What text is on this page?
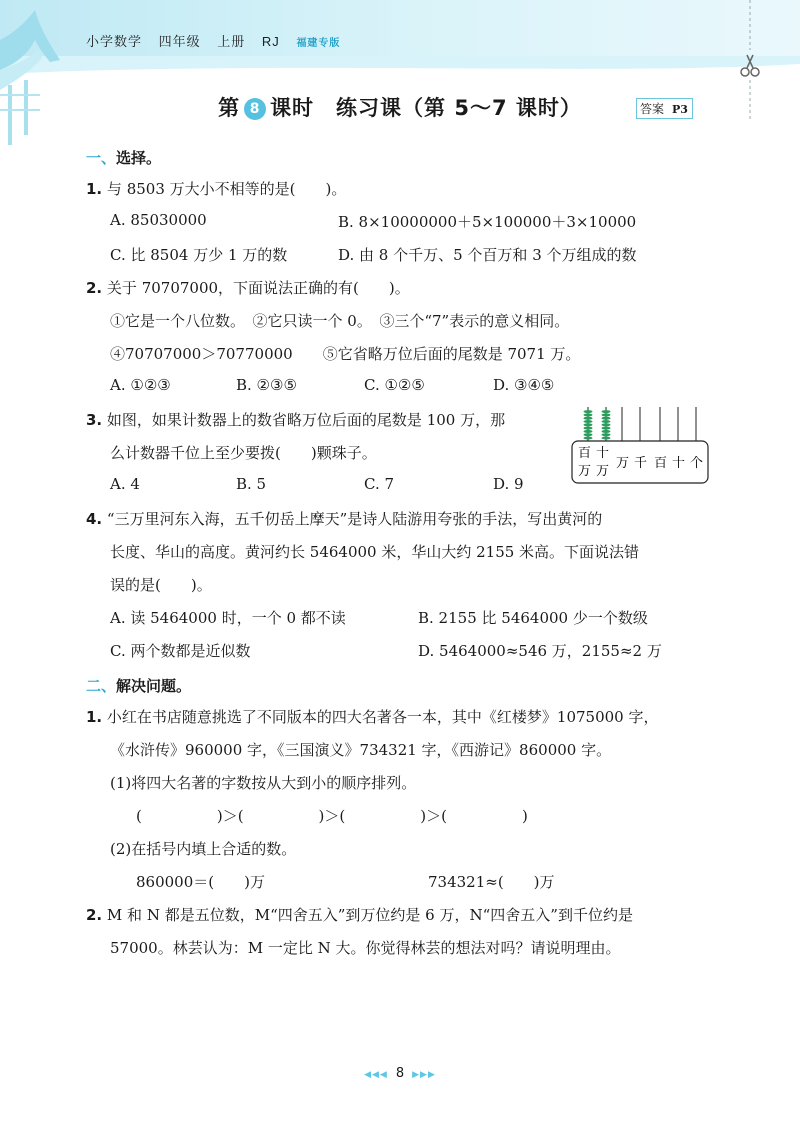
小学数学 四年级 上册 RJ 福建专版
第 8 课时　练习课（第 5～7 课时）	答案 P3
一、选择。
1. 与 8503 万大小不相等的是(　　)。
A. 85030000	B. 8×10000000＋5×100000＋3×10000
C. 比 8504 万少 1 万的数	D. 由 8 个千万、5 个百万和 3 个万组成的数
2. 关于 70707000，下面说法正确的有(　　)。
①它是一个八位数。　②它只读一个 0。　③三个“7”表示的意义相同。
④70707000＞70770000　　⑤它省略万位后面的尾数是 7071 万。
A. ①②③	B. ②③⑤	C. ①②⑤	D. ③④⑤
3. 如图，如果计数器上的数省略万位后面的尾数是 100 万，那
么计数器千位上至少要拨(　　)颗珠子。
A. 4	B. 5	C. 7	D. 9
百
万
十
万
万 千 百 十 个
4. “三万里河东入海，五千仞岳上摩天”是诗人陆游用夸张的手法，写出黄河的
长度、华山的高度。黄河约长 5464000 米，华山大约 2155 米高。下面说法错
误的是(　　)。
A. 读 5464000 时，一个 0 都不读	B. 2155 比 5464000 少一个数级
C. 两个数都是近似数	D. 5464000≈546 万，2155≈2 万
二、解决问题。
1. 小红在书店随意挑选了不同版本的四大名著各一本，其中《红楼梦》1075000 字，
《水浒传》960000 字，《三国演义》734321 字，《西游记》860000 字。
(1)将四大名著的字数按从大到小的顺序排列。
(　　　　　)＞(　　　　　)＞(　　　　　)＞(　　　　　)
(2)在括号内填上合适的数。
860000＝(　　)万	734321≈(　　)万
2. M 和 N 都是五位数，M“四舍五入”到万位约是 6 万，N“四舍五入”到千位约是
57000。林芸认为：M 一定比 N 大。你觉得林芸的想法对吗？请说明理由。
◀◀◀ 8 ▶▶▶
